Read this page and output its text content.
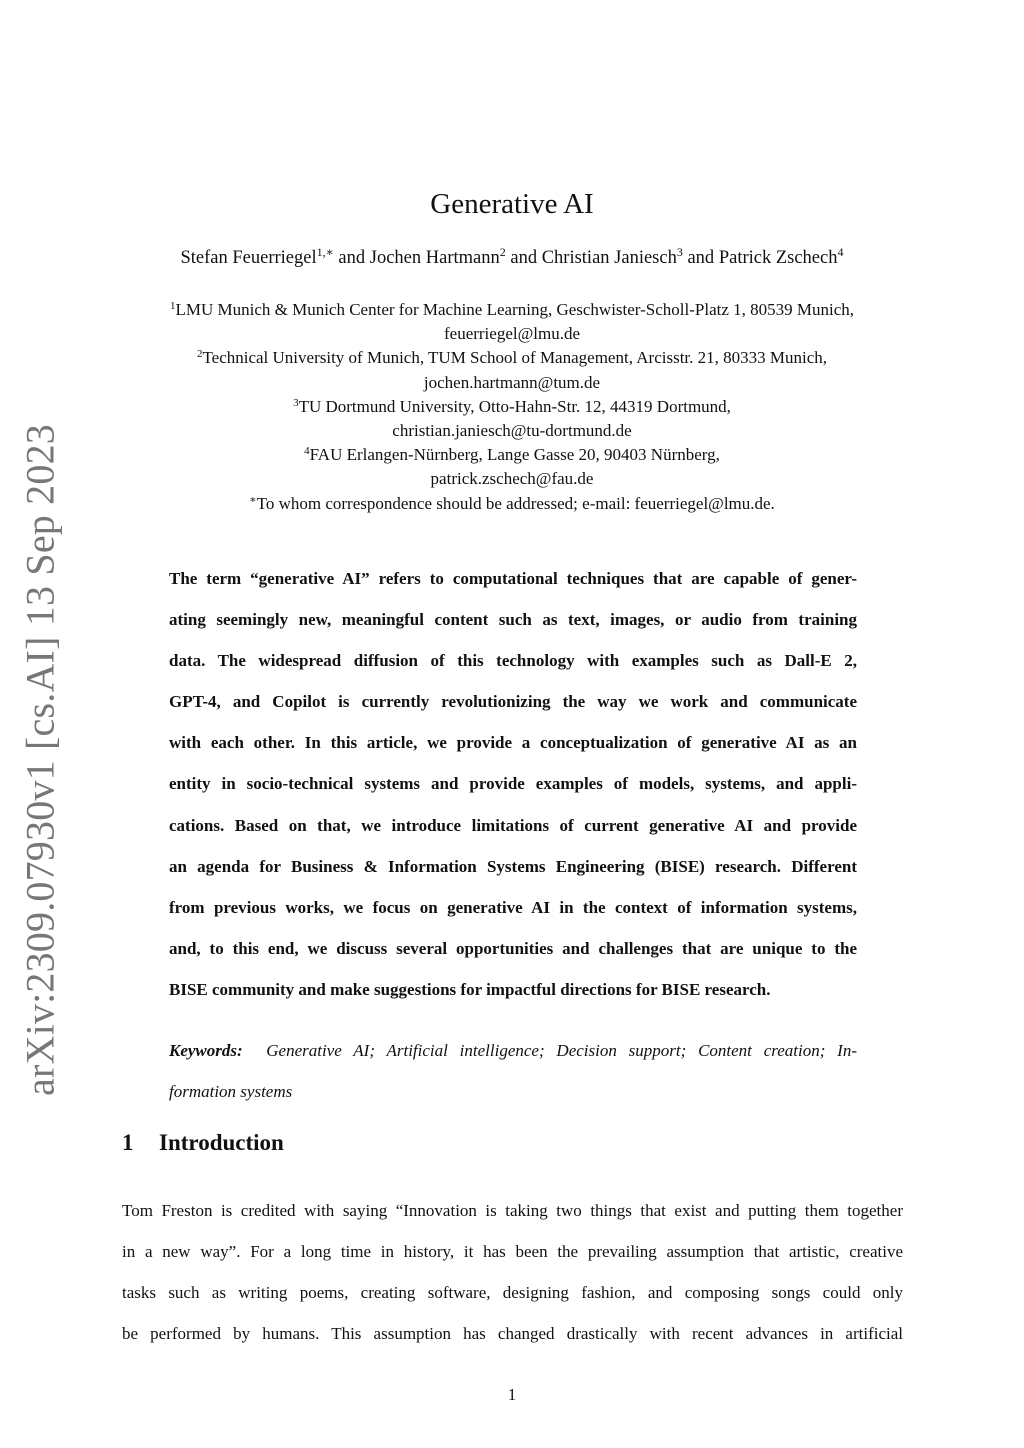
arXiv:2309.07930v1 [cs.AI] 13 Sep 2023
Generative AI
Stefan Feuerriegel$^{1,∗}$ and Jochen Hartmann$^2$ and Christian Janiesch$^3$ and Patrick Zschech$^4$
$^1$LMU Munich & Munich Center for Machine Learning, Geschwister-Scholl-Platz 1, 80539 Munich,
feuerriegel@lmu.de
$^2$Technical University of Munich, TUM School of Management, Arcisstr. 21, 80333 Munich,
jochen.hartmann@tum.de
$^3$TU Dortmund University, Otto-Hahn-Str. 12, 44319 Dortmund,
christian.janiesch@tu-dortmund.de
$^4$FAU Erlangen-Nürnberg, Lange Gasse 20, 90403 Nürnberg,
patrick.zschech@fau.de
∗To whom correspondence should be addressed; e-mail: feuerriegel@lmu.de.
The term “generative AI” refers to computational techniques that are capable of gener-
ating seemingly new, meaningful content such as text, images, or audio from training
data. The widespread diffusion of this technology with examples such as Dall-E 2,
GPT-4, and Copilot is currently revolutionizing the way we work and communicate
with each other. In this article, we provide a conceptualization of generative AI as an
entity in socio-technical systems and provide examples of models, systems, and appli-
cations. Based on that, we introduce limitations of current generative AI and provide
an agenda for Business & Information Systems Engineering (BISE) research. Different
from previous works, we focus on generative AI in the context of information systems,
and, to this end, we discuss several opportunities and challenges that are unique to the
BISE community and make suggestions for impactful directions for BISE research.
Keywords: Generative AI; Artificial intelligence; Decision support; Content creation; In-
formation systems
1 Introduction
Tom Freston is credited with saying “Innovation is taking two things that exist and putting them together
in a new way”. For a long time in history, it has been the prevailing assumption that artistic, creative
tasks such as writing poems, creating software, designing fashion, and composing songs could only
be performed by humans. This assumption has changed drastically with recent advances in artificial
1
